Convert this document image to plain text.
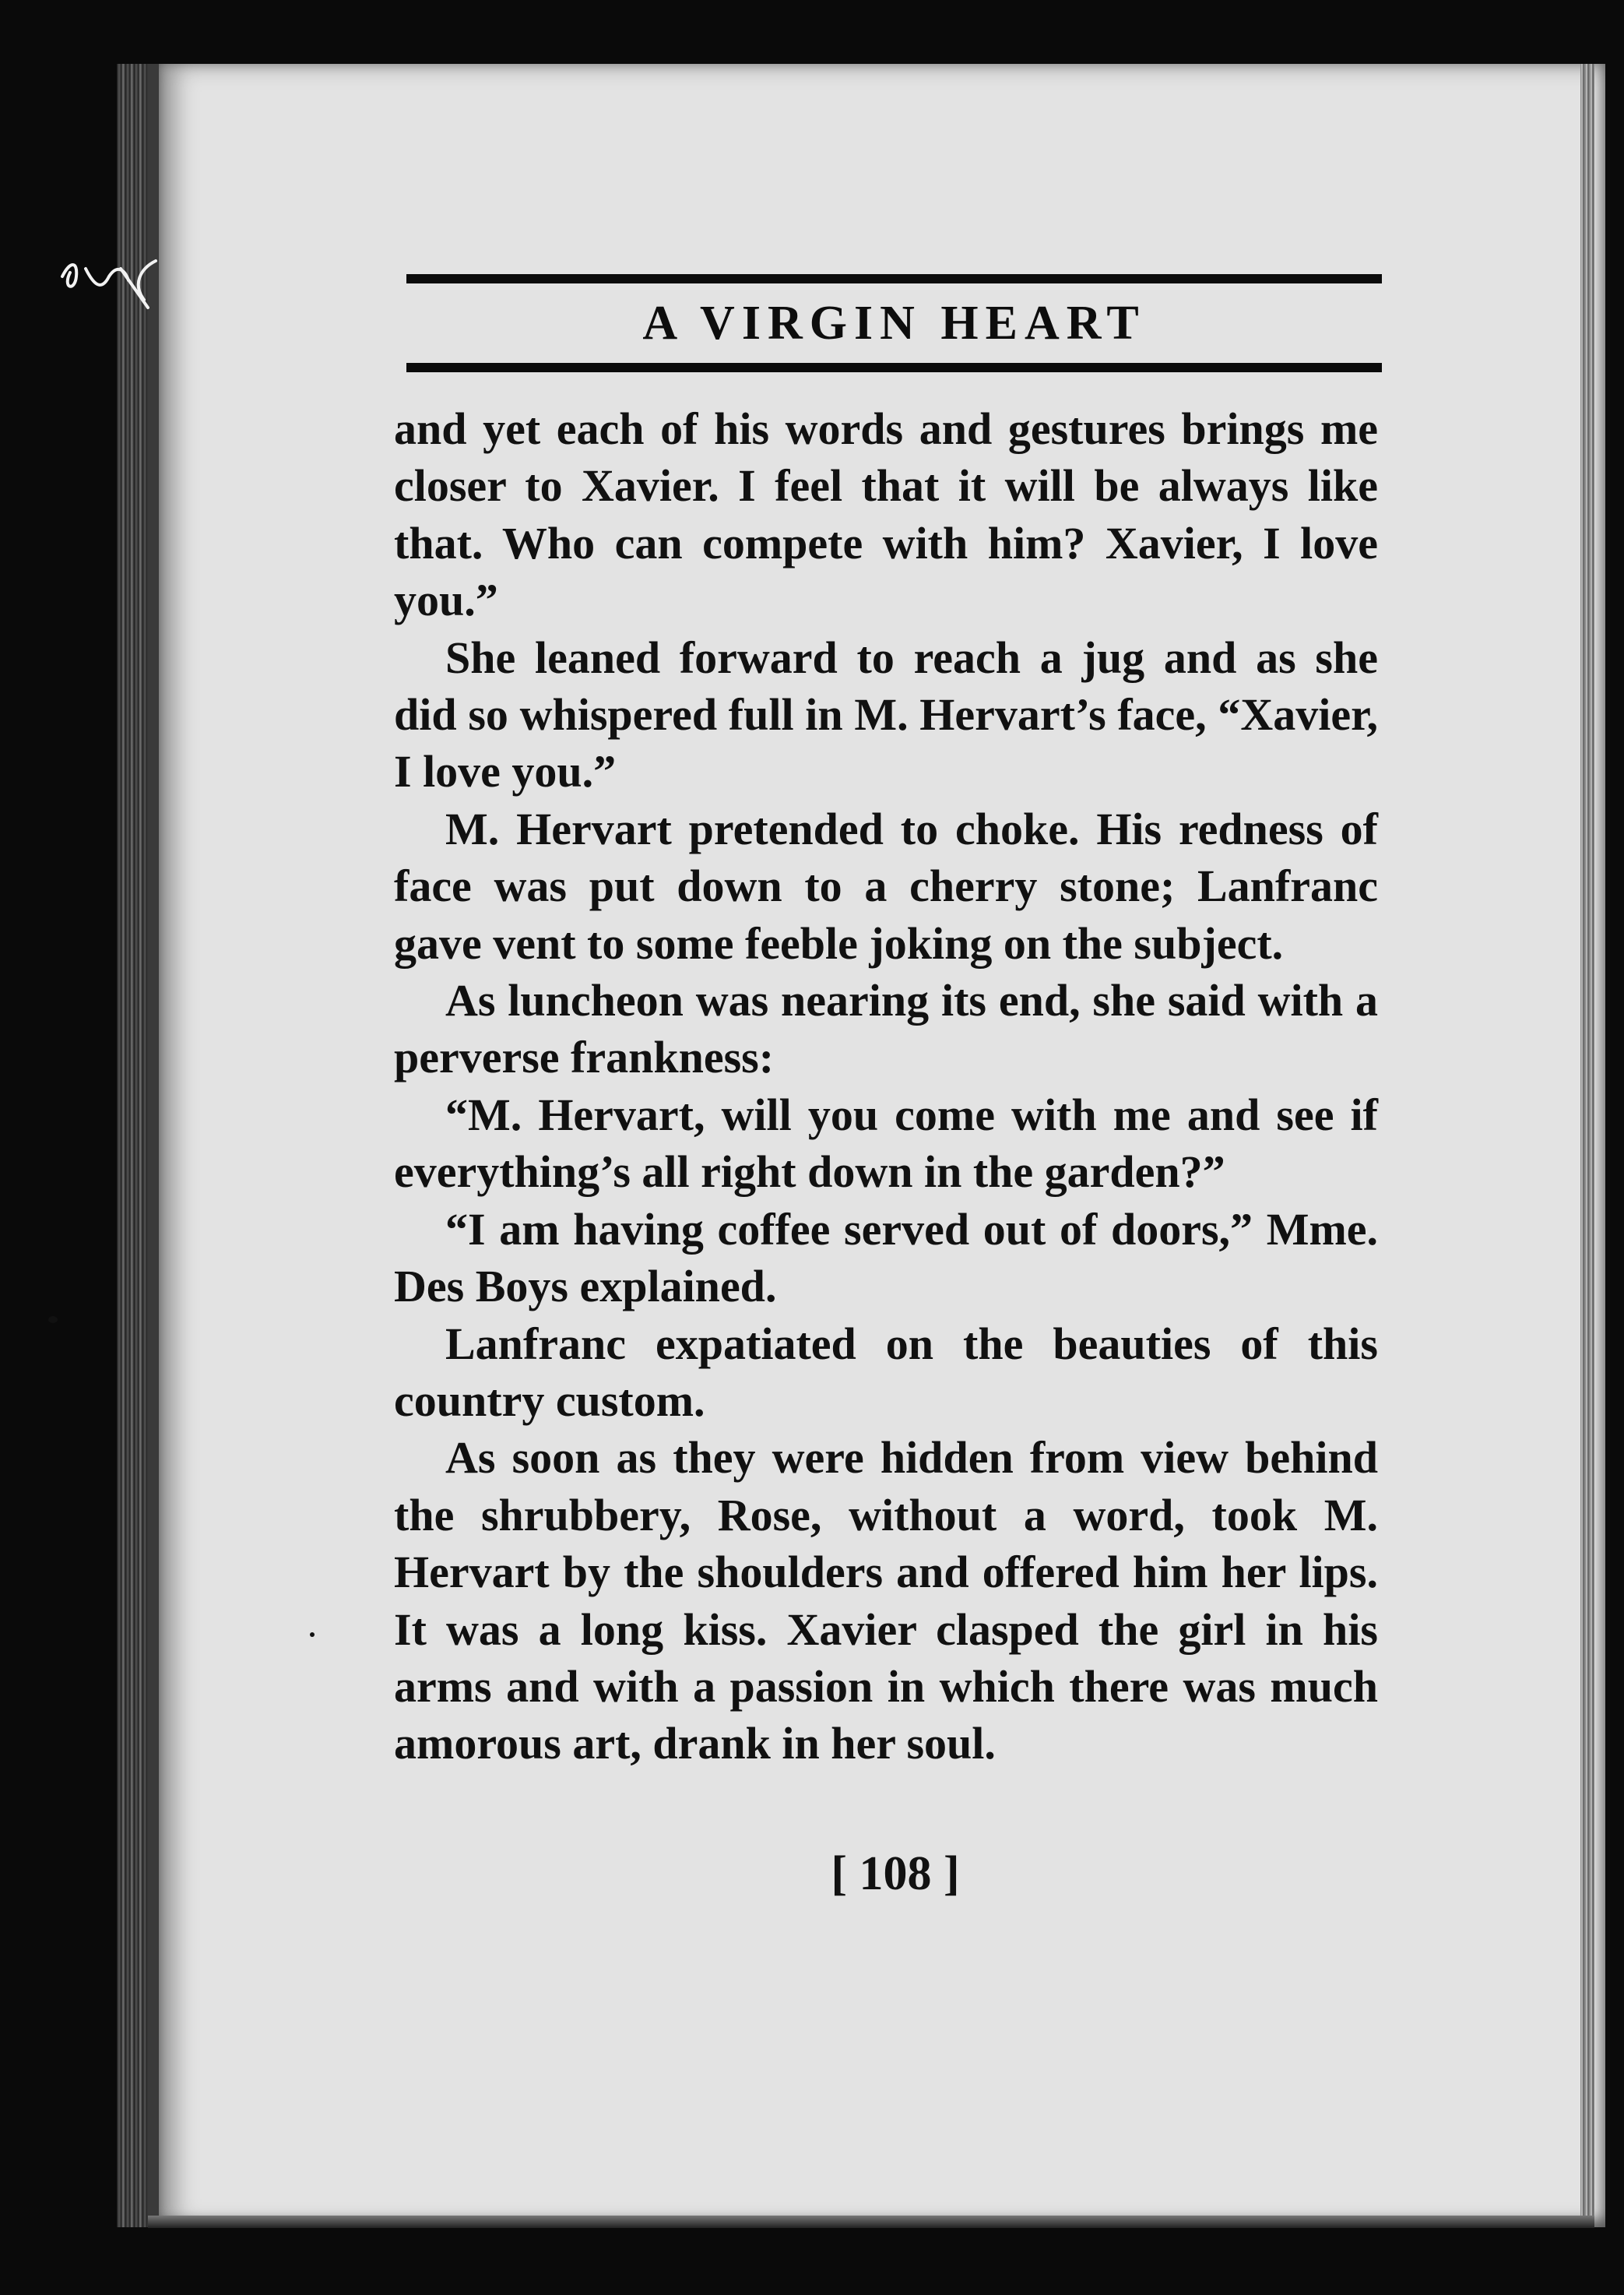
A VIRGIN HEART

and yet each of his words and gestures brings me closer to Xavier. I feel that it will be always like that. Who can compete with him? Xavier, I love you.”

She leaned forward to reach a jug and as she did so whispered full in M. Hervart’s face, “Xavier, I love you.”

M. Hervart pretended to choke. His redness of face was put down to a cherry stone; Lanfranc gave vent to some feeble joking on the subject.

As luncheon was nearing its end, she said with a perverse frankness:

“M. Hervart, will you come with me and see if everything’s all right down in the garden?”

“I am having coffee served out of doors,” Mme. Des Boys explained.

Lanfranc expatiated on the beauties of this country custom.

As soon as they were hidden from view behind the shrubbery, Rose, without a word, took M. Hervart by the shoulders and offered him her lips. It was a long kiss. Xavier clasped the girl in his arms and with a passion in which there was much amorous art, drank in her soul.

[ 108 ]
